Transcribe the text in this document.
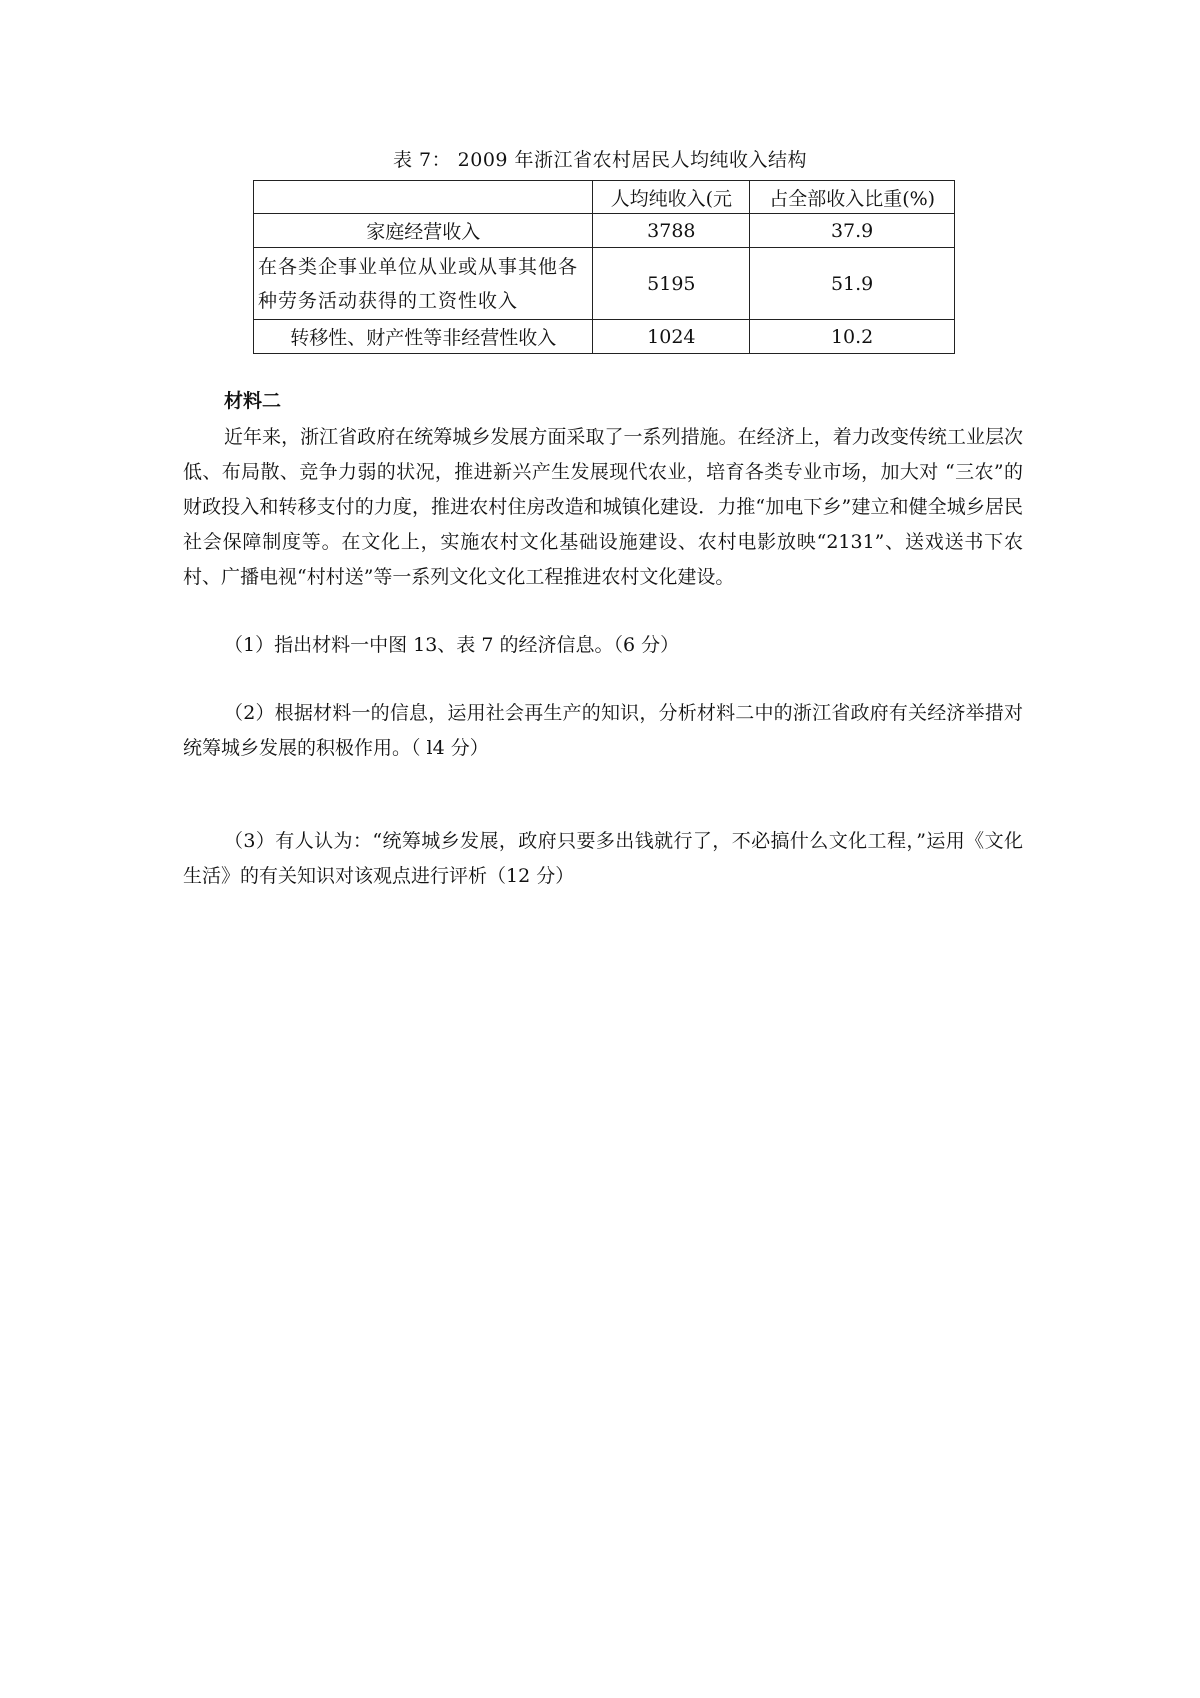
表 7： 2009 年浙江省农村居民人均纯收入结构
	人均纯收入(元	占全部收入比重(%)
家庭经营收入	3788	37.9
在各类企事业单位从业或从事其他各种劳务活动获得的工资性收入	5195	51.9
转移性、财产性等非经营性收入	1024	10.2
材料二

近年来，浙江省政府在统筹城乡发展方面采取了一系列措施。在经济上，着力改变传统工业层次低、布局散、竞争力弱的状况，推进新兴产生发展现代农业，培育各类专业市场，加大对 “三农”的财政投入和转移支付的力度，推进农村住房改造和城镇化建设．力推“加电下乡”建立和健全城乡居民社会保障制度等。在文化上，实施农村文化基础设施建设、农村电影放映“2131”、送戏送书下农村、广播电视“村村送”等一系列文化文化工程推进农村文化建设。

（1）指出材料一中图 13、表 7 的经济信息。（6 分）

（2）根据材料一的信息，运用社会再生产的知识，分析材料二中的浙江省政府有关经济举措对统筹城乡发展的积极作用。（ l4 分）

（3）有人认为：“统筹城乡发展，政府只要多出钱就行了，不必搞什么文化工程，”运用《文化生活》的有关知识对该观点进行评析（12 分）
